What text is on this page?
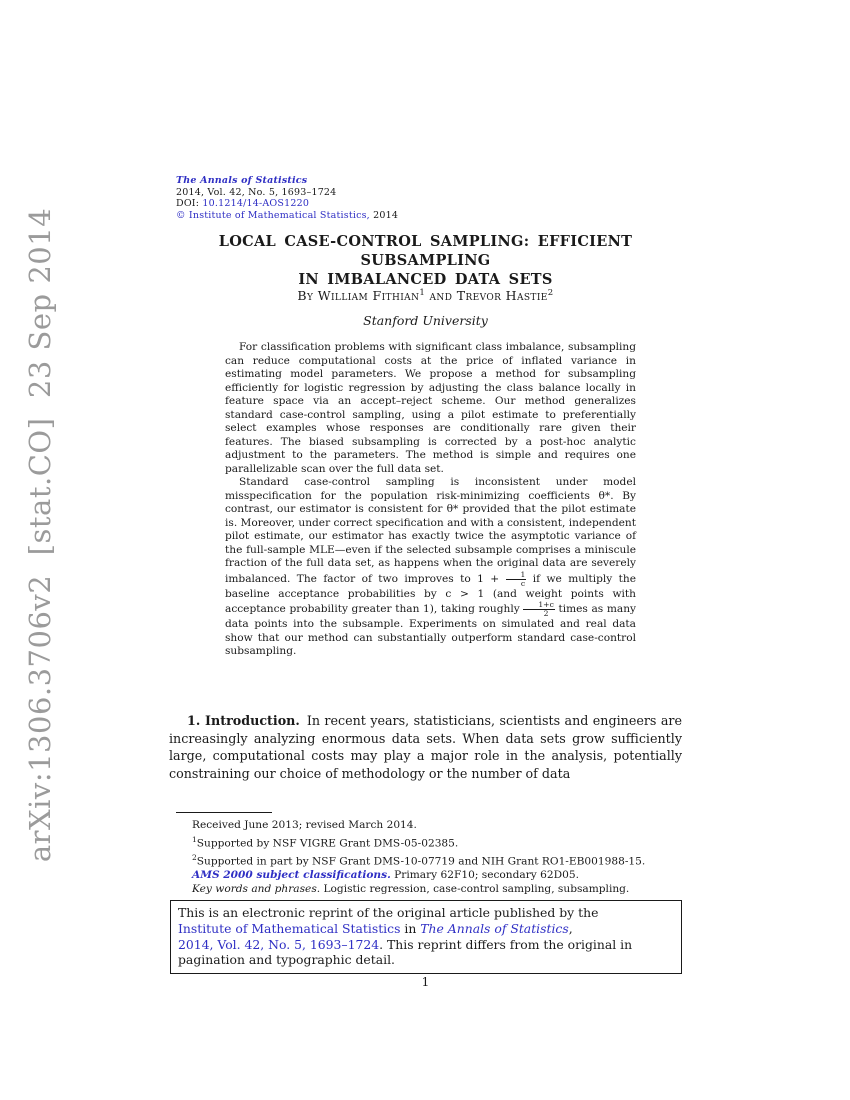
arXiv:1306.3706v2  [stat.CO]  23 Sep 2014
The Annals of Statistics
2014, Vol. 42, No. 5, 1693–1724
DOI: 10.1214/14-AOS1220
© Institute of Mathematical Statistics, 2014
LOCAL CASE-CONTROL SAMPLING: EFFICIENT SUBSAMPLING
IN IMBALANCED DATA SETS
By William Fithian$^1$ and Trevor Hastie$^2$
Stanford University

For classification problems with significant class imbalance, subsampling can reduce computational costs at the price of inflated variance in estimating model parameters. We propose a method for subsampling efficiently for logistic regression by adjusting the class balance locally in feature space via an accept–reject scheme. Our method generalizes standard case-control sampling, using a pilot estimate to preferentially select examples whose responses are conditionally rare given their features. The biased subsampling is corrected by a post-hoc analytic adjustment to the parameters. The method is simple and requires one parallelizable scan over the full data set.

Standard case-control sampling is inconsistent under model misspecification for the population risk-minimizing coefficients θ*. By contrast, our estimator is consistent for θ* provided that the pilot estimate is. Moreover, under correct specification and with a consistent, independent pilot estimate, our estimator has exactly twice the asymptotic variance of the full-sample MLE—even if the selected subsample comprises a miniscule fraction of the full data set, as happens when the original data are severely imbalanced. The factor of two improves to $1 + \frac{1}{c}$ if we multiply the baseline acceptance probabilities by c > 1 (and weight points with acceptance probability greater than 1), taking roughly $\frac{1+c}{2}$ times as many data points into the subsample. Experiments on simulated and real data show that our method can substantially outperform standard case-control subsampling.

1. Introduction. In recent years, statisticians, scientists and engineers are increasingly analyzing enormous data sets. When data sets grow sufficiently large, computational costs may play a major role in the analysis, potentially constraining our choice of methodology or the number of data

Received June 2013; revised March 2014.
$^1$Supported by NSF VIGRE Grant DMS-05-02385.
$^2$Supported in part by NSF Grant DMS-10-07719 and NIH Grant RO1-EB001988-15.
AMS 2000 subject classifications. Primary 62F10; secondary 62D05.
Key words and phrases. Logistic regression, case-control sampling, subsampling.
This is an electronic reprint of the original article published by the
Institute of Mathematical Statistics in The Annals of Statistics,
2014, Vol. 42, No. 5, 1693–1724. This reprint differs from the original in
pagination and typographic detail.
1
